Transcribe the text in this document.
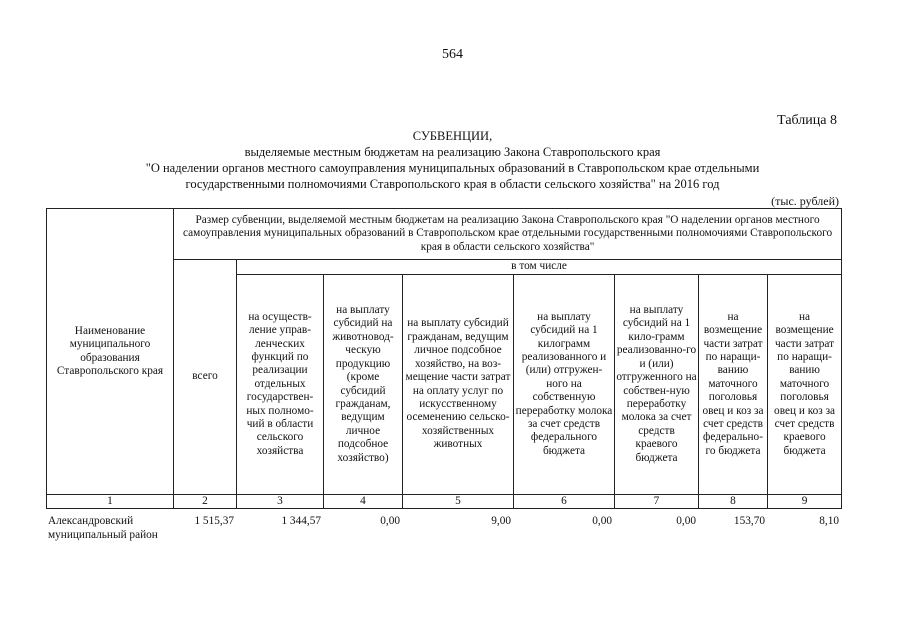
564
Таблица 8
СУБВЕНЦИИ,
выделяемые местным бюджетам на реализацию Закона Ставропольского края
"О наделении органов местного самоуправления муниципальных образований в Ставропольском крае отдельными
государственными полномочиями Ставропольского края в области сельского хозяйства" на 2016 год
(тыс. рублей)
Наименование муниципального образования Ставропольского края	Размер субвенции, выделяемой местным бюджетам на реализацию Закона Ставропольского края "О наделении органов местного самоуправления муниципальных образований в Ставропольском крае отдельными государственными полномочиями Ставропольского края в области сельского хозяйства"							
	всего	в том числе						
		на осуществ-ление управ-ленческих функций по реализации отдельных государствен-ных полномо-чий в области сельского хозяйства	на выплату субсидий на животновод-ческую продукцию (кроме субсидий гражданам, ведущим личное подсобное хозяйство)	на выплату субсидий гражданам, ведущим личное подсобное хозяйство, на воз-мещение части затрат на оплату услуг по искусственному осеменению сельско-хозяйственных животных	на выплату субсидий на 1 килограмм реализованного и (или) отгружен-ного на собственную переработку молока за счет средств федерального бюджета	на выплату субсидий на 1 кило-грамм реализованно-го и (или) отгруженного на собствен-ную переработку молока за счет средств краевого бюджета	на возмещение части затрат по наращи-ванию маточного поголовья овец и коз за счет средств федерально-го бюджета	на возмещение части затрат по наращи-ванию маточного поголовья овец и коз за счет средств краевого бюджета
1	2	3	4	5	6	7	8	9
Александровский муниципальный район	1 515,37	1 344,57	0,00	9,00	0,00	0,00	153,70	8,10
